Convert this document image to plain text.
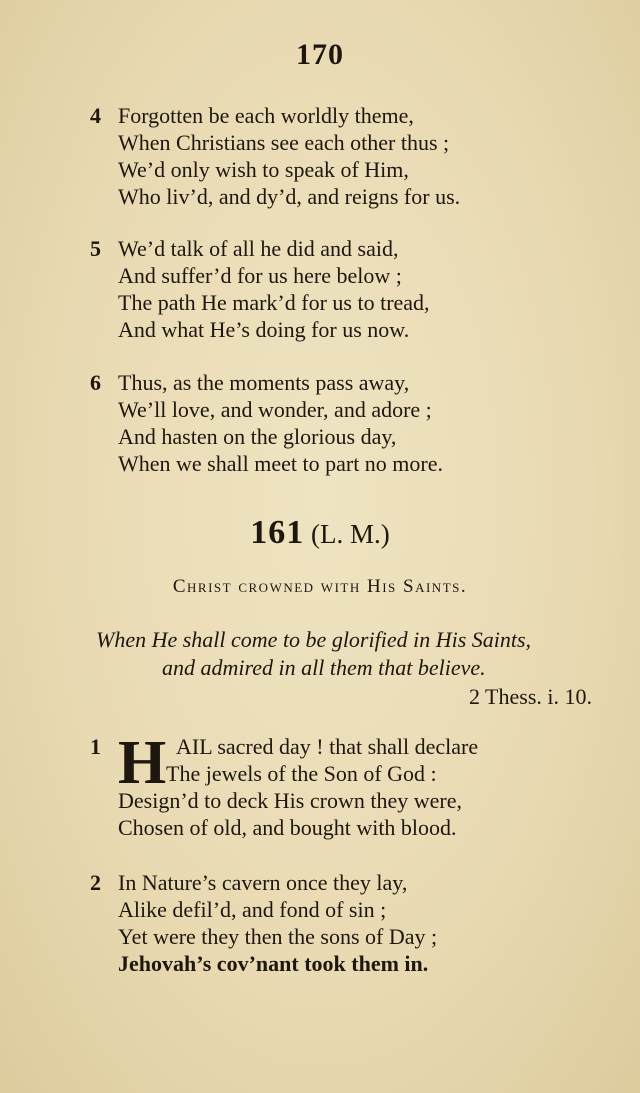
170
4 Forgotten be each worldly theme,
When Christians see each other thus ;
We’d only wish to speak of Him,
Who liv’d, and dy’d, and reigns for us.
5 We’d talk of all he did and said,
And suffer’d for us here below ;
The path He mark’d for us to tread,
And what He’s doing for us now.
6 Thus, as the moments pass away,
We’ll love, and wonder, and adore ;
And hasten on the glorious day,
When we shall meet to part no more.
161 (L. M.)
Christ crowned with His Saints.
When He shall come to be glorified in His Saints,
and admired in all them that believe.
2 Thess. i. 10.
H
1	AIL sacred day ! that shall declare
The jewels of the Son of God :
Design’d to deck His crown they were,
Chosen of old, and bought with blood.
2 In Nature’s cavern once they lay,
Alike defil’d, and fond of sin ;
Yet were they then the sons of Day ;
Jehovah’s cov’nant took them in.
